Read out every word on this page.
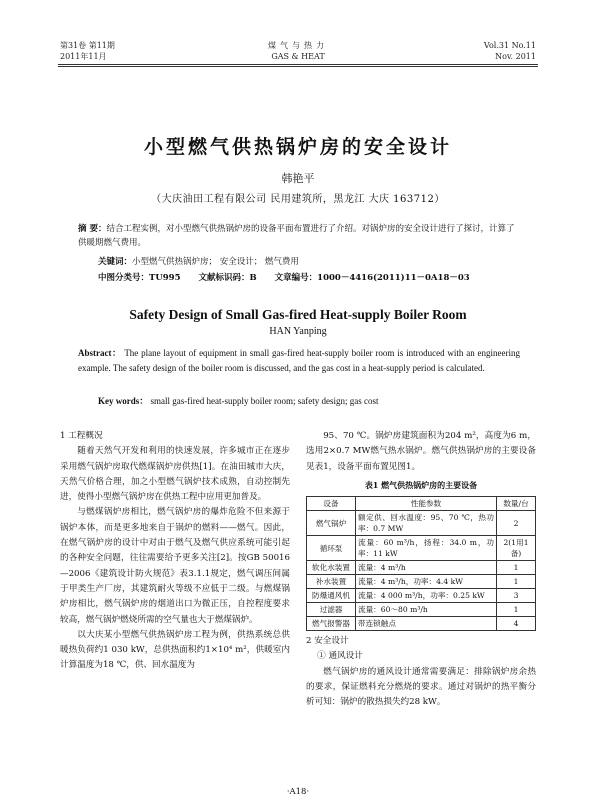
第31卷 第11期
2011年11月
煤气与热力
GAS & HEAT
Vol.31 No.11
Nov. 2011
小型燃气供热锅炉房的安全设计
韩艳平
（大庆油田工程有限公司 民用建筑所，黑龙江 大庆 163712）
摘 要：结合工程实例，对小型燃气供热锅炉房的设备平面布置进行了介绍。对锅炉房的安全设计进行了探讨，计算了供暖期燃气费用。
关键词：小型燃气供热锅炉房； 安全设计； 燃气费用
中图分类号：TU995 文献标识码：B 文章编号：1000－4416(2011)11－0A18－03
Safety Design of Small Gas-fired Heat-supply Boiler Room
HAN Yanping
Abstract： The plane layout of equipment in small gas-fired heat-supply boiler room is introduced with an engineering example. The safety design of the boiler room is discussed, and the gas cost in a heat-supply period is calculated.
Key words： small gas-fired heat-supply boiler room; safety design; gas cost

1 工程概况

随着天然气开发和利用的快速发展，许多城市正在逐步采用燃气锅炉房取代燃煤锅炉房供热[1]。在油田城市大庆，天然气价格合理，加之小型燃气锅炉技术成熟，自动控制先进，使得小型燃气锅炉房在供热工程中应用更加普及。

与燃煤锅炉房相比，燃气锅炉房的爆炸危险不但来源于锅炉本体，而是更多地来自于锅炉的燃料——燃气。因此，在燃气锅炉房的设计中对由于燃气及燃气供应系统可能引起的各种安全问题，往往需要给予更多关注[2]。按GB 50016—2006《建筑设计防火规范》表3.1.1规定，燃气调压间属于甲类生产厂房，其建筑耐火等级不应低于二级。与燃煤锅炉房相比，燃气锅炉房的烟道出口为微正压，自控程度要求较高，燃气锅炉燃烧所需的空气量也大于燃煤锅炉。

以大庆某小型燃气供热锅炉房工程为例，供热系统总供暖热负荷约1 030 kW，总供热面积约1×10⁴ m²，供暖室内计算温度为18 ℃，供、回水温度为

95、70 ℃。锅炉房建筑面积为204 m²，高度为6 m，选用2×0.7 MW燃气热水锅炉。燃气供热锅炉房的主要设备见表1，设备平面布置见图1。

表1 燃气供热锅炉房的主要设备
设备	性能参数	数量/台
燃气锅炉	额定供、回水温度：95、70 ℃，热功率：0.7 MW	2
循环泵	流量：60 m³/h，扬程：34.0 m，功率：11 kW	2(1用1备)
软化水装置	流量：4 m³/h	1
补水装置	流量：4 m³/h，功率：4.4 kW	1
防爆通风机	流量：4 000 m³/h，功率：0.25 kW	3
过滤器	流量：60～80 m³/h	1
燃气报警器	带连锁触点	4

2 安全设计

① 通风设计

燃气锅炉房的通风设计通常需要满足：排除锅炉房余热的要求，保证燃料充分燃烧的要求。通过对锅炉的热平衡分析可知：锅炉的散热损失约28 kW。

·A18·
